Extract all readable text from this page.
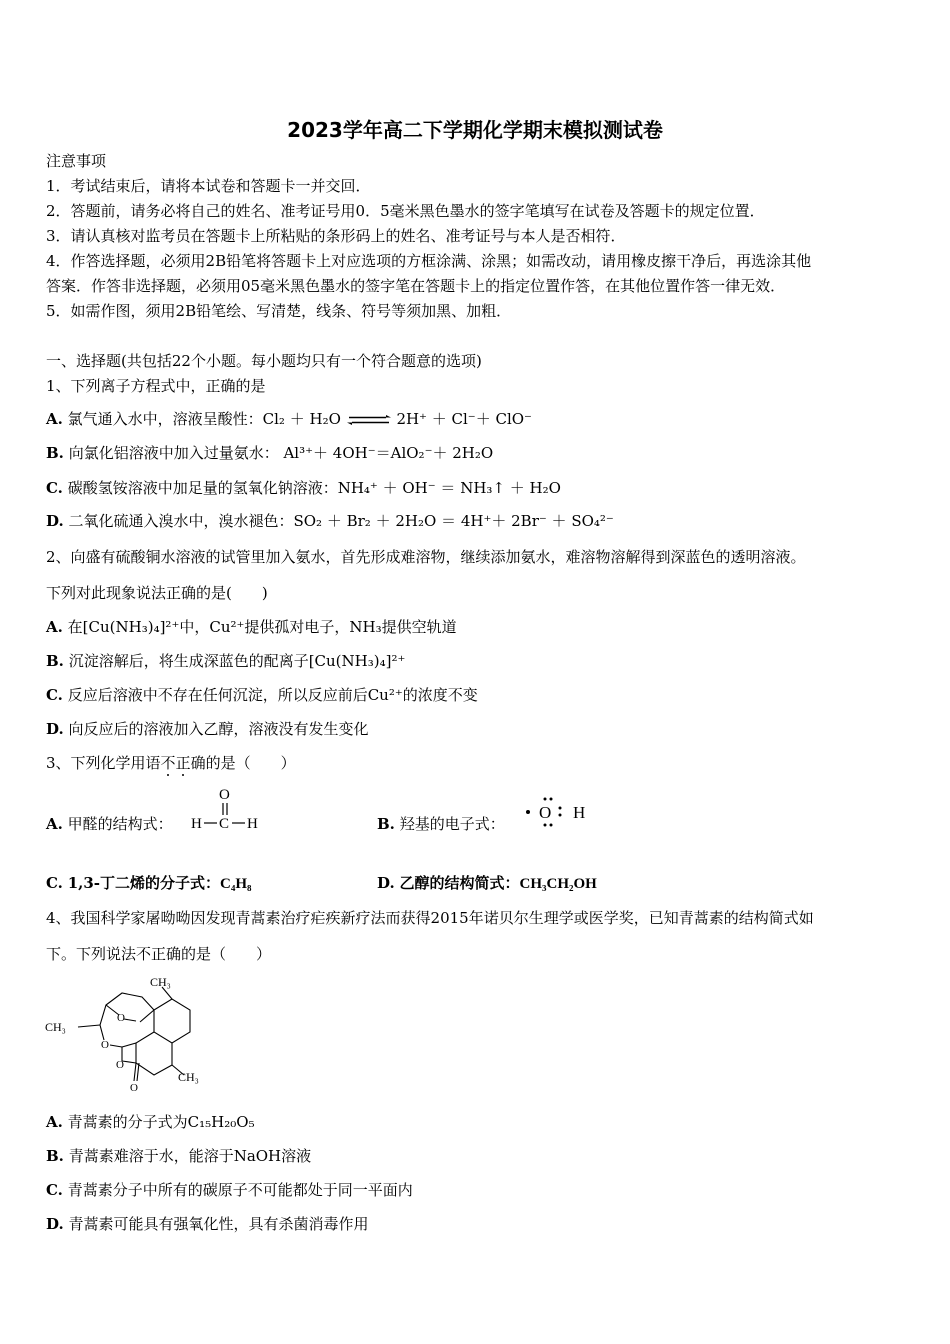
2023学年高二下学期化学期末模拟测试卷
注意事项
1．考试结束后，请将本试卷和答题卡一并交回．
2．答题前，请务必将自己的姓名、准考证号用0．5毫米黑色墨水的签字笔填写在试卷及答题卡的规定位置．
3．请认真核对监考员在答题卡上所粘贴的条形码上的姓名、准考证号与本人是否相符．
4．作答选择题，必须用2B铅笔将答题卡上对应选项的方框涂满、涂黑；如需改动，请用橡皮擦干净后，再选涂其他
答案．作答非选择题，必须用05毫米黑色墨水的签字笔在答题卡上的指定位置作答，在其他位置作答一律无效．
5．如需作图，须用2B铅笔绘、写清楚，线条、符号等须加黑、加粗．
一、选择题(共包括22个小题。每小题均只有一个符合题意的选项)
1、下列离子方程式中，正确的是
A. 氯气通入水中，溶液呈酸性：Cl₂ ＋ H₂O ⇌ 2H⁺ ＋ Cl⁻＋ ClO⁻
B. 向氯化铝溶液中加入过量氨水： Al³⁺＋ 4OH⁻＝AlO₂⁻＋ 2H₂O
C. 碳酸氢铵溶液中加足量的氢氧化钠溶液：NH₄⁺ ＋ OH⁻ ＝ NH₃↑ ＋ H₂O
D. 二氧化硫通入溴水中，溴水褪色：SO₂ ＋ Br₂ ＋ 2H₂O ＝ 4H⁺＋ 2Br⁻ ＋ SO₄²⁻
2、向盛有硫酸铜水溶液的试管里加入氨水，首先形成难溶物，继续添加氨水，难溶物溶解得到深蓝色的透明溶液。
下列对此现象说法正确的是(　　)
A. 在[Cu(NH₃)₄]²⁺中，Cu²⁺提供孤对电子，NH₃提供空轨道
B. 沉淀溶解后，将生成深蓝色的配离子[Cu(NH₃)₄]²⁺
C. 反应后溶液中不存在任何沉淀，所以反应前后Cu²⁺的浓度不变
D. 向反应后的溶液加入乙醇，溶液没有发生变化
3、下列化学用语不正确的是（　　）
A. 甲醛的结构式：
O
H C H	B. 羟基的电子式：
O H
C. 1,3-丁二烯的分子式：C₄H₈	D. 乙醇的结构简式：CH₃CH₂OH
4、我国科学家屠呦呦因发现青蒿素治疗疟疾新疗法而获得2015年诺贝尔生理学或医学奖，已知青蒿素的结构简式如
下。下列说法不正确的是（　　）
CH₃
CH₃
CH₃
O
O
O
O
A. 青蒿素的分子式为C₁₅H₂₀O₅
B. 青蒿素难溶于水，能溶于NaOH溶液
C. 青蒿素分子中所有的碳原子不可能都处于同一平面内
D. 青蒿素可能具有强氧化性，具有杀菌消毒作用
